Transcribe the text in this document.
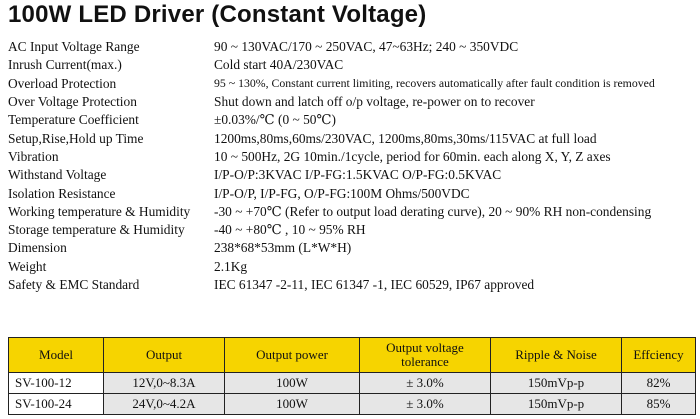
100W LED Driver (Constant Voltage)
AC Input Voltage Range	90 ~ 130VAC/170 ~ 250VAC, 47~63Hz; 240 ~ 350VDC
Inrush Current(max.)	Cold start 40A/230VAC
Overload Protection	95 ~ 130%, Constant current limiting, recovers automatically after fault condition is removed
Over Voltage Protection	Shut down and latch off o/p voltage, re-power on to recover
Temperature Coefficient	±0.03%/℃ (0 ~ 50℃)
Setup,Rise,Hold up Time	1200ms,80ms,60ms/230VAC, 1200ms,80ms,30ms/115VAC at full load
Vibration	10 ~ 500Hz, 2G 10min./1cycle, period for 60min. each along X, Y, Z axes
Withstand Voltage	I/P-O/P:3KVAC I/P-FG:1.5KVAC O/P-FG:0.5KVAC
Isolation Resistance	I/P-O/P, I/P-FG, O/P-FG:100M Ohms/500VDC
Working temperature & Humidity	-30 ~ +70℃ (Refer to output load derating curve), 20 ~ 90% RH non-condensing
Storage temperature & Humidity	-40 ~ +80℃ , 10 ~ 95% RH
Dimension	238*68*53mm (L*W*H)
Weight	2.1Kg
Safety & EMC Standard	IEC 61347 -2-11, IEC 61347 -1, IEC 60529, IP67 approved
Model	Output	Output power	Output voltage tolerance	Ripple & Noise	Effciency
SV-100-12	12V,0~8.3A	100W	± 3.0%	150mVp-p	82%
SV-100-24	24V,0~4.2A	100W	± 3.0%	150mVp-p	85%
